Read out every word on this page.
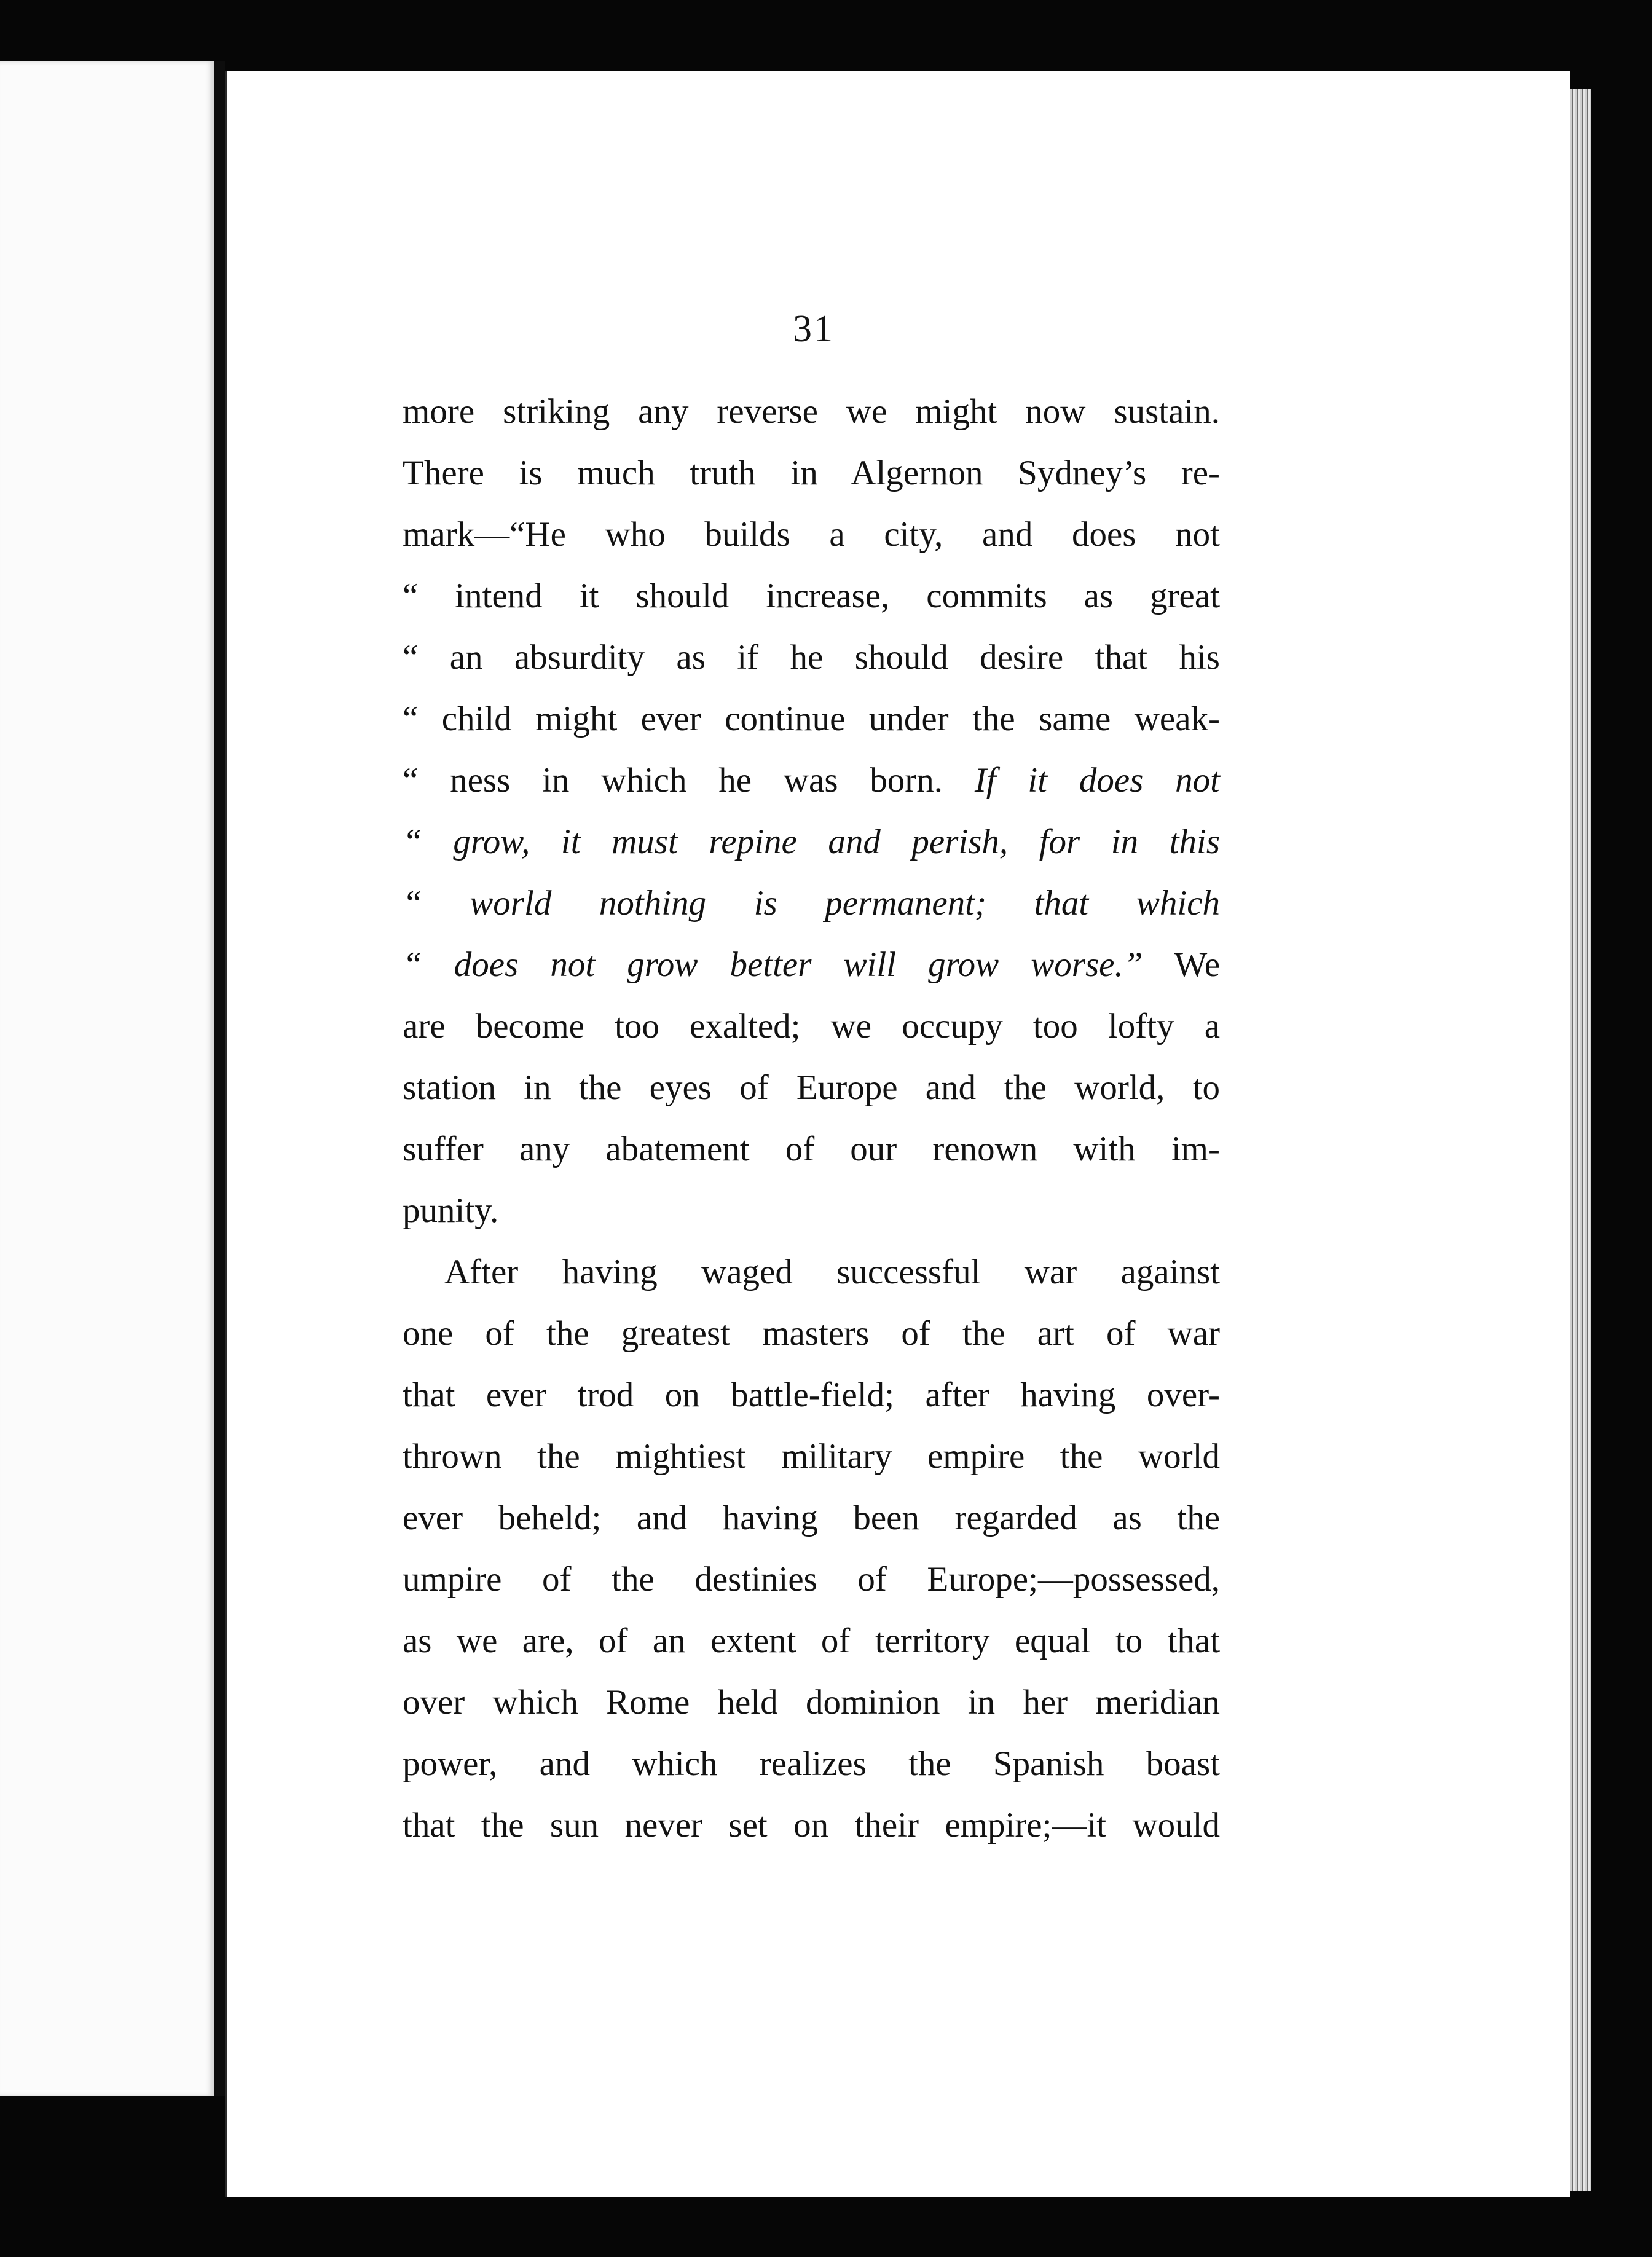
31
more striking any reverse we might now sustain.
There is much truth in Algernon Sydney’s re-
mark—“He who builds a city, and does not
“ intend it should increase, commits as great
“ an absurdity as if he should desire that his
“ child might ever continue under the same weak-
“ ness in which he was born. If it does not
“ grow, it must repine and perish, for in this
“ world nothing is permanent; that which
“ does not grow better will grow worse.” We
are become too exalted; we occupy too lofty a
station in the eyes of Europe and the world, to
suffer any abatement of our renown with im-
punity.
After having waged successful war against
one of the greatest masters of the art of war
that ever trod on battle-field; after having over-
thrown the mightiest military empire the world
ever beheld; and having been regarded as the
umpire of the destinies of Europe;—possessed,
as we are, of an extent of territory equal to that
over which Rome held dominion in her meridian
power, and which realizes the Spanish boast
that the sun never set on their empire;—it would
